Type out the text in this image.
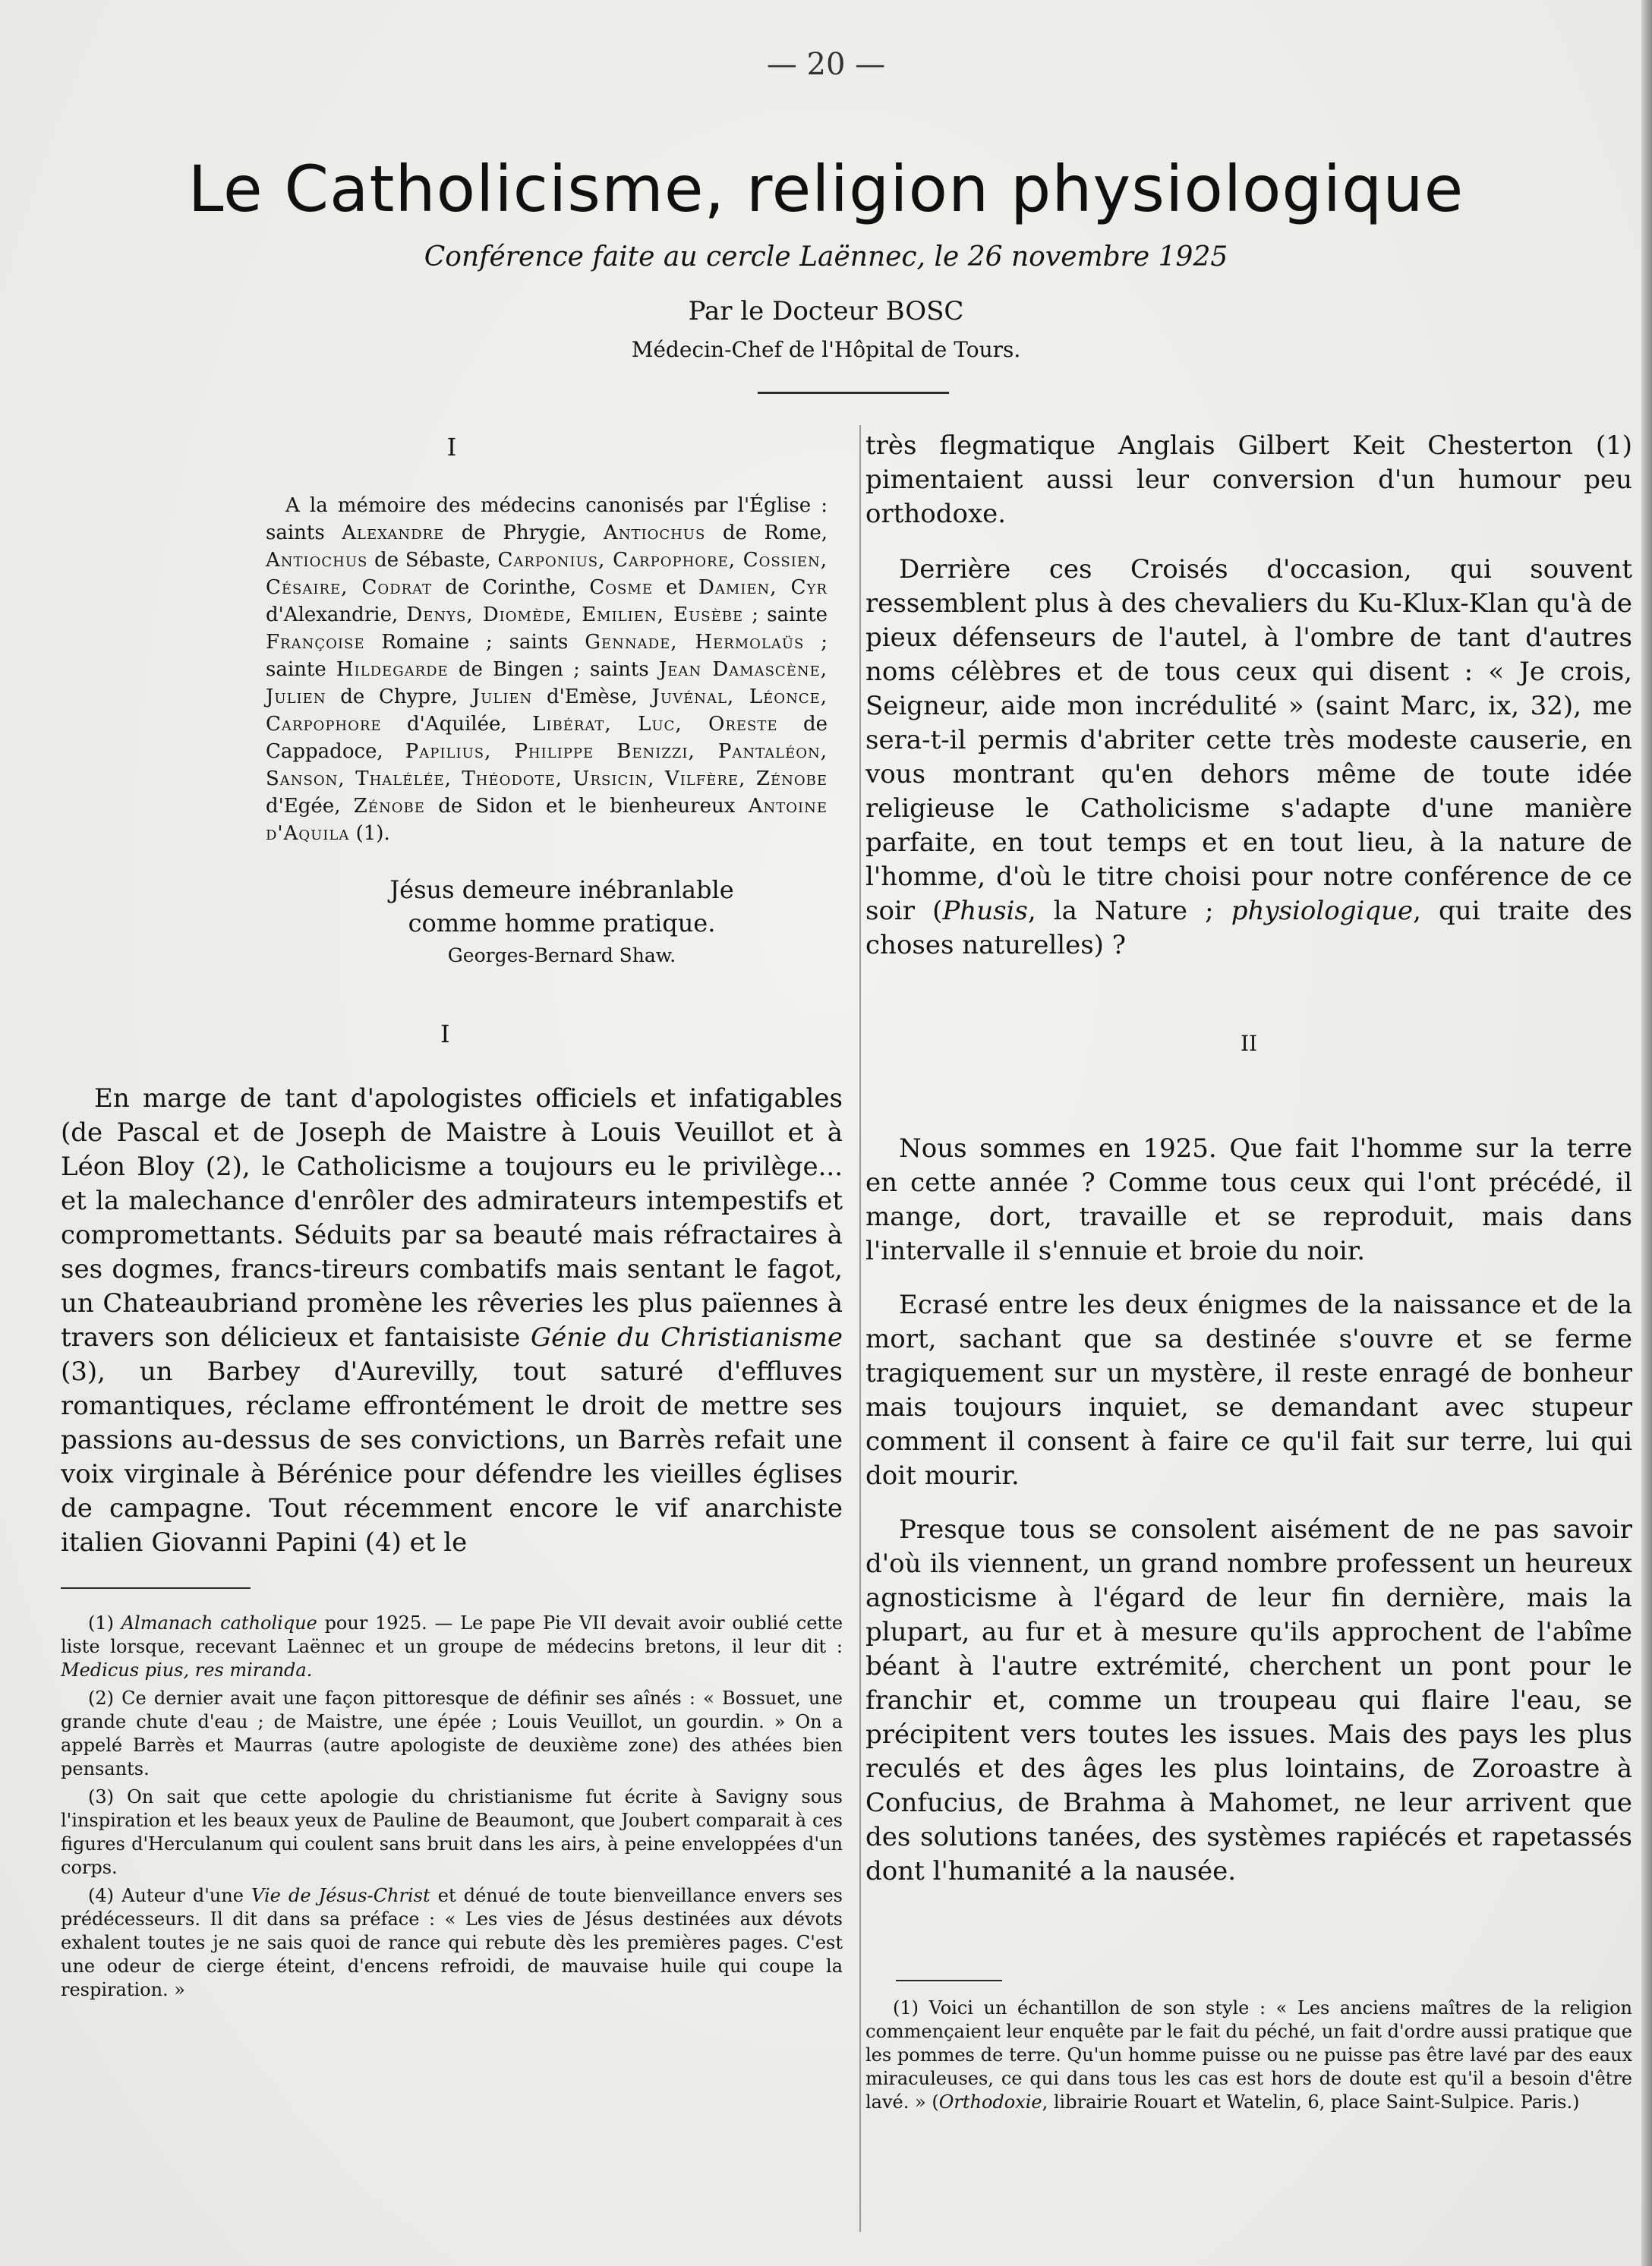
— 20 —
Le Catholicisme, religion physiologique
Conférence faite au cercle Laënnec, le 26 novembre 1925
Par le Docteur BOSC
Médecin-Chef de l'Hôpital de Tours.

I

A la mémoire des médecins canonisés par l'Église : saints Alexandre de Phrygie, Antiochus de Rome, Antiochus de Sébaste, Carponius, Carpophore, Cossien, Césaire, Codrat de Corinthe, Cosme et Damien, Cyr d'Alexandrie, Denys, Diomède, Emilien, Eusèbe ; sainte Françoise Romaine ; saints Gennade, Hermolaüs ; sainte Hildegarde de Bingen ; saints Jean Damascène, Julien de Chypre, Julien d'Emèse, Juvénal, Léonce, Carpophore d'Aquilée, Libérat, Luc, Oreste de Cappadoce, Papilius, Philippe Benizzi, Pantaléon, Sanson, Thalélée, Théodote, Ursicin, Vilfère, Zénobe d'Egée, Zénobe de Sidon et le bienheureux Antoine d'Aquila (1).

Jésus demeure inébranlable

comme homme pratique.

Georges-Bernard Shaw.

I

En marge de tant d'apologistes officiels et infatigables (de Pascal et de Joseph de Maistre à Louis Veuillot et à Léon Bloy (2), le Catholicisme a toujours eu le privilège... et la malechance d'enrôler des admirateurs intempestifs et compromettants. Séduits par sa beauté mais réfractaires à ses dogmes, francs-tireurs combatifs mais sentant le fagot, un Chateaubriand promène les rêveries les plus païennes à travers son délicieux et fantaisiste Génie du Christianisme (3), un Barbey d'Aurevilly, tout saturé d'effluves romantiques, réclame effrontément le droit de mettre ses passions au-dessus de ses convictions, un Barrès refait une voix virginale à Bérénice pour défendre les vieilles églises de campagne. Tout récemment encore le vif anarchiste italien Giovanni Papini (4) et le

(1) Almanach catholique pour 1925. — Le pape Pie VII devait avoir oublié cette liste lorsque, recevant Laënnec et un groupe de médecins bretons, il leur dit : Medicus pius, res miranda.

(2) Ce dernier avait une façon pittoresque de définir ses aînés : « Bossuet, une grande chute d'eau ; de Maistre, une épée ; Louis Veuillot, un gourdin. » On a appelé Barrès et Maurras (autre apologiste de deuxième zone) des athées bien pensants.

(3) On sait que cette apologie du christianisme fut écrite à Savigny sous l'inspiration et les beaux yeux de Pauline de Beaumont, que Joubert comparait à ces figures d'Herculanum qui coulent sans bruit dans les airs, à peine enveloppées d'un corps.

(4) Auteur d'une Vie de Jésus-Christ et dénué de toute bienveillance envers ses prédécesseurs. Il dit dans sa préface : « Les vies de Jésus destinées aux dévots exhalent toutes je ne sais quoi de rance qui rebute dès les premières pages. C'est une odeur de cierge éteint, d'encens refroidi, de mauvaise huile qui coupe la respiration. »

très flegmatique Anglais Gilbert Keit Chesterton (1) pimentaient aussi leur conversion d'un humour peu orthodoxe.

Derrière ces Croisés d'occasion, qui souvent ressemblent plus à des chevaliers du Ku-Klux-Klan qu'à de pieux défenseurs de l'autel, à l'ombre de tant d'autres noms célèbres et de tous ceux qui disent : « Je crois, Seigneur, aide mon incrédulité » (saint Marc, ix, 32), me sera-t-il permis d'abriter cette très modeste causerie, en vous montrant qu'en dehors même de toute idée religieuse le Catholicisme s'adapte d'une manière parfaite, en tout temps et en tout lieu, à la nature de l'homme, d'où le titre choisi pour notre conférence de ce soir (Phusis, la Nature ; physiologique, qui traite des choses naturelles) ?

II

Nous sommes en 1925. Que fait l'homme sur la terre en cette année ? Comme tous ceux qui l'ont précédé, il mange, dort, travaille et se reproduit, mais dans l'intervalle il s'ennuie et broie du noir.

Ecrasé entre les deux énigmes de la naissance et de la mort, sachant que sa destinée s'ouvre et se ferme tragiquement sur un mystère, il reste enragé de bonheur mais toujours inquiet, se demandant avec stupeur comment il consent à faire ce qu'il fait sur terre, lui qui doit mourir.

Presque tous se consolent aisément de ne pas savoir d'où ils viennent, un grand nombre professent un heureux agnosticisme à l'égard de leur fin dernière, mais la plupart, au fur et à mesure qu'ils approchent de l'abîme béant à l'autre extrémité, cherchent un pont pour le franchir et, comme un troupeau qui flaire l'eau, se précipitent vers toutes les issues. Mais des pays les plus reculés et des âges les plus lointains, de Zoroastre à Confucius, de Brahma à Mahomet, ne leur arrivent que des solutions tanées, des systèmes rapiécés et rapetassés dont l'humanité a la nausée.

(1) Voici un échantillon de son style : « Les anciens maîtres de la religion commençaient leur enquête par le fait du péché, un fait d'ordre aussi pratique que les pommes de terre. Qu'un homme puisse ou ne puisse pas être lavé par des eaux miraculeuses, ce qui dans tous les cas est hors de doute est qu'il a besoin d'être lavé. » (Orthodoxie, librairie Rouart et Watelin, 6, place Saint-Sulpice. Paris.)
